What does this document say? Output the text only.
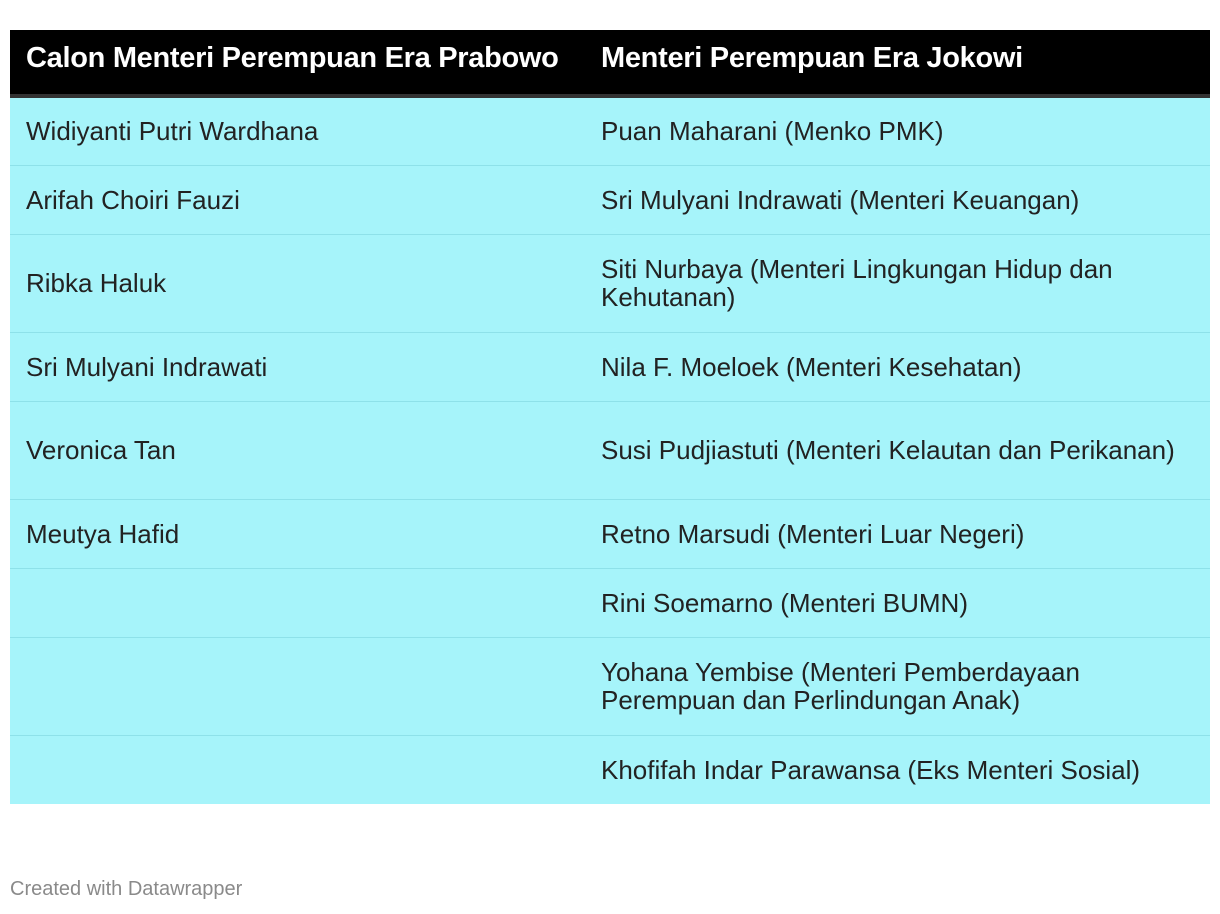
Calon Menteri Perempuan Era Prabowo	Menteri Perempuan Era Jokowi
Widiyanti Putri Wardhana	Puan Maharani (Menko PMK)
Arifah Choiri Fauzi	Sri Mulyani Indrawati (Menteri Keuangan)
Ribka Haluk	Siti Nurbaya (Menteri Lingkungan Hidup dan Kehutanan)
Sri Mulyani Indrawati	Nila F. Moeloek (Menteri Kesehatan)
Veronica Tan	Susi Pudjiastuti (Menteri Kelautan dan Perikanan)
Meutya Hafid	Retno Marsudi (Menteri Luar Negeri)
	Rini Soemarno (Menteri BUMN)
	Yohana Yembise (Menteri Pemberdayaan Perempuan dan Perlindungan Anak)
	Khofifah Indar Parawansa (Eks Menteri Sosial)
Created with Datawrapper
